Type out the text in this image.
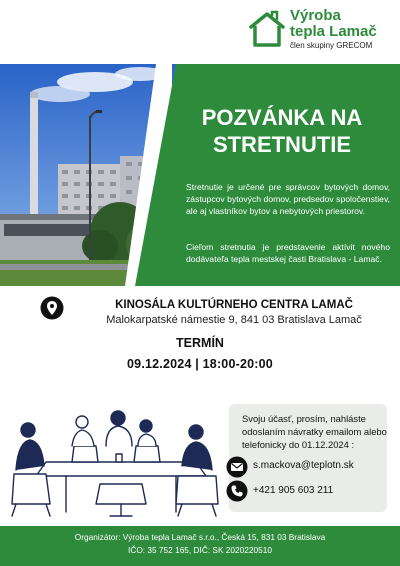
Výroba
tepla Lamač
člen skupiny GRECOM
POZVÁNKA NA
STRETNUTIE
Stretnutie je určené pre správcov bytových domov, zástupcov bytových domov, predsedov spoločenstiev, ale aj vlastníkov bytov a nebytových priestorov.
Cieľom stretnutia je predstavenie aktívit nového dodávateľa tepla mestskej časti Bratislava - Lamač.
KINOSÁLA KULTÚRNEHO CENTRA LAMAČ
Malokarpatské námestie 9, 841 03 Bratislava Lamač
TERMÍN
09.12.2024 | 18:00-20:00
Svoju účasť, prosím, nahláste odoslaním návratky emailom alebo telefonicky do 01.12.2024 :
s.mackova@teplotn.sk
+421 905 603 211
Organizátor: Výroba tepla Lamač s.r.o., Česká 15, 831 03 Bratislava
IČO: 35 752 165, DIČ: SK 2020220510
